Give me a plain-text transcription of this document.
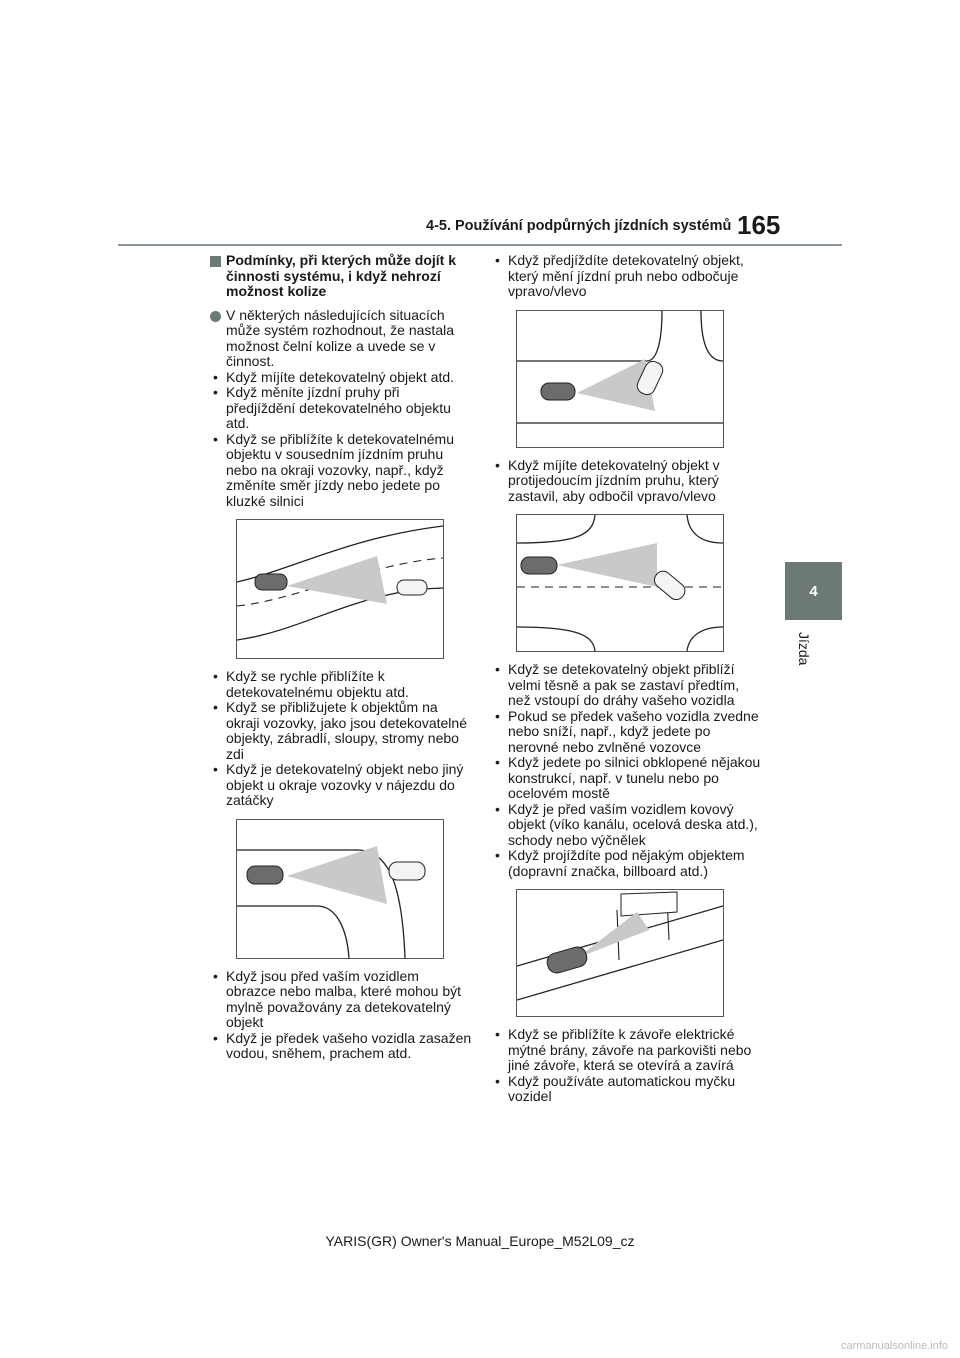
4-5. Používání podpůrných jízdních systémů 165
4
Jízda
Podmínky, při kterých může dojít k činnosti systému, i když nehrozí možnost kolize
V některých následujících situacích může systém rozhodnout, že nastala možnost čelní kolize a uvede se v činnost.
• Když míjíte detekovatelný objekt atd.
• Když měníte jízdní pruhy při předjíždění detekovatelného objektu atd.
• Když se přiblížíte k detekovatelnému objektu v sousedním jízdním pruhu nebo na okraji vozovky, např., když změníte směr jízdy nebo jedete po kluzké silnici
• Když se rychle přiblížíte k detekovatelnému objektu atd.
• Když se přibližujete k objektům na okraji vozovky, jako jsou detekovatelné objekty, zábradlí, sloupy, stromy nebo zdi
• Když je detekovatelný objekt nebo jiný objekt u okraje vozovky v nájezdu do zatáčky
• Když jsou před vaším vozidlem obrazce nebo malba, které mohou být mylně považovány za detekovatelný objekt
• Když je předek vašeho vozidla zasažen vodou, sněhem, prachem atd.
• Když předjíždíte detekovatelný objekt, který mění jízdní pruh nebo odbočuje vpravo/vlevo
• Když míjíte detekovatelný objekt v protijedoucím jízdním pruhu, který zastavil, aby odbočil vpravo/vlevo
• Když se detekovatelný objekt přiblíží velmi těsně a pak se zastaví předtím, než vstoupí do dráhy vašeho vozidla
• Pokud se předek vašeho vozidla zvedne nebo sníží, např., když jedete po nerovné nebo zvlněné vozovce
• Když jedete po silnici obklopené nějakou konstrukcí, např. v tunelu nebo po ocelovém mostě
• Když je před vaším vozidlem kovový objekt (víko kanálu, ocelová deska atd.), schody nebo výčnělek
• Když projíždíte pod nějakým objektem (dopravní značka, billboard atd.)
• Když se přiblížíte k závoře elektrické mýtné brány, závoře na parkovišti nebo jiné závoře, která se otevírá a zavírá
• Když používáte automatickou myčku vozidel
YARIS(GR) Owner's Manual_Europe_M52L09_cz
carmanualsonline.info
